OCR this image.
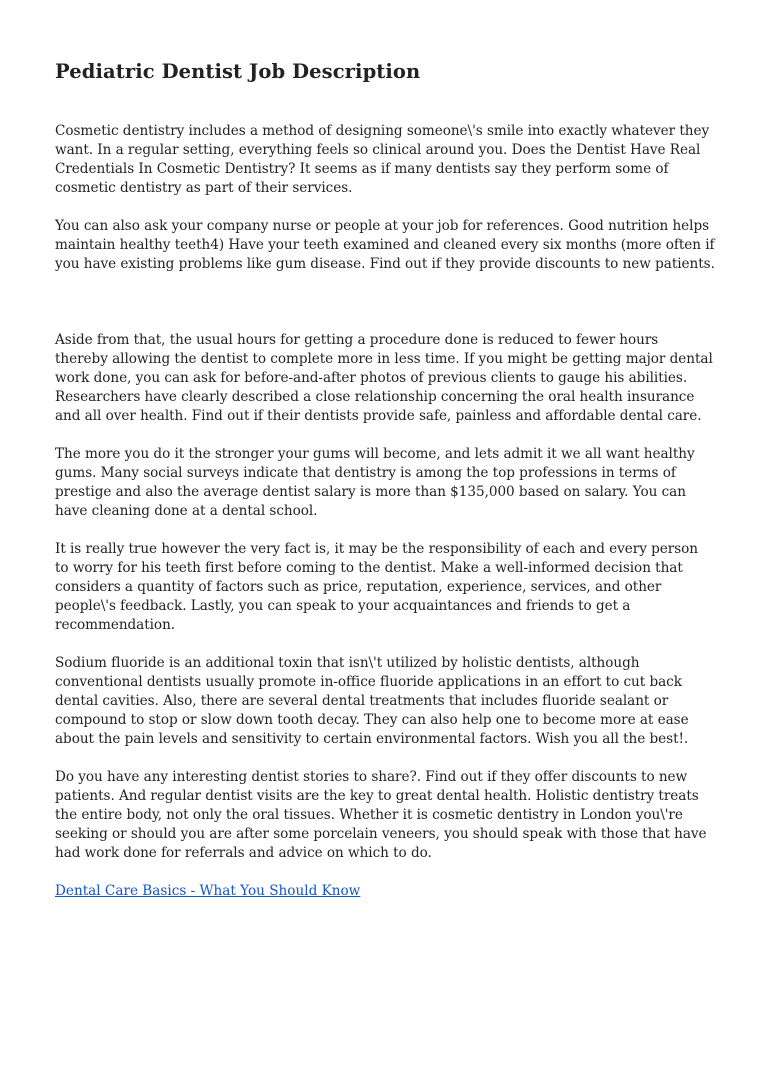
Pediatric Dentist Job Description

Cosmetic dentistry includes a method of designing someone\'s smile into exactly whatever they want. In a regular setting, everything feels so clinical around you. Does the Dentist Have Real Credentials In Cosmetic Dentistry? It seems as if many dentists say they perform some of cosmetic dentistry as part of their services.

You can also ask your company nurse or people at your job for references. Good nutrition helps maintain healthy teeth4) Have your teeth examined and cleaned every six months (more often if you have existing problems like gum disease. Find out if they provide discounts to new patients.

Aside from that, the usual hours for getting a procedure done is reduced to fewer hours thereby allowing the dentist to complete more in less time. If you might be getting major dental work done, you can ask for before-and-after photos of previous clients to gauge his abilities. Researchers have clearly described a close relationship concerning the oral health insurance and all over health. Find out if their dentists provide safe, painless and affordable dental care.

The more you do it the stronger your gums will become, and lets admit it we all want healthy gums. Many social surveys indicate that dentistry is among the top professions in terms of prestige and also the average dentist salary is more than $135,000 based on salary. You can have cleaning done at a dental school.

It is really true however the very fact is, it may be the responsibility of each and every person to worry for his teeth first before coming to the dentist. Make a well-informed decision that considers a quantity of factors such as price, reputation, experience, services, and other people\'s feedback. Lastly, you can speak to your acquaintances and friends to get a recommendation.

Sodium fluoride is an additional toxin that isn\'t utilized by holistic dentists, although conventional dentists usually promote in-office fluoride applications in an effort to cut back dental cavities. Also, there are several dental treatments that includes fluoride sealant or compound to stop or slow down tooth decay. They can also help one to become more at ease about the pain levels and sensitivity to certain environmental factors. Wish you all the best!.

Do you have any interesting dentist stories to share?. Find out if they offer discounts to new patients. And regular dentist visits are the key to great dental health. Holistic dentistry treats the entire body, not only the oral tissues. Whether it is cosmetic dentistry in London you\'re seeking or should you are after some porcelain veneers, you should speak with those that have had work done for referrals and advice on which to do.

Dental Care Basics - What You Should Know
